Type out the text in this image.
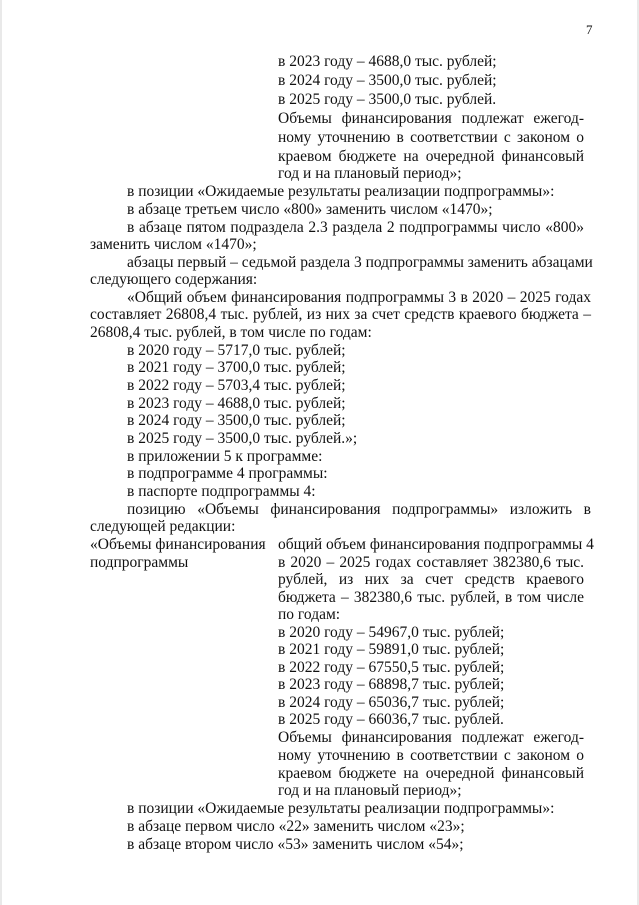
7
в 2023 году – 4688,0 тыс. рублей;
в 2024 году – 3500,0 тыс. рублей;
в 2025 году – 3500,0 тыс. рублей.
Объемы финансирования подлежат ежегод-
ному уточнению в соответствии с законом о
краевом бюджете на очередной финансовый
год и на плановый период»;
в позиции «Ожидаемые результаты реализации подпрограммы»:
в абзаце третьем число «800» заменить числом «1470»;
в абзаце пятом подраздела 2.3 раздела 2 подпрограммы число «800»
заменить числом «1470»;
абзацы первый – седьмой раздела 3 подпрограммы заменить абзацами
следующего содержания:
«Общий объем финансирования подпрограммы 3 в 2020 – 2025 годах
составляет 26808,4 тыс. рублей, из них за счет средств краевого бюджета –
26808,4 тыс. рублей, в том числе по годам:
в 2020 году – 5717,0 тыс. рублей;
в 2021 году – 3700,0 тыс. рублей;
в 2022 году – 5703,4 тыс. рублей;
в 2023 году – 4688,0 тыс. рублей;
в 2024 году – 3500,0 тыс. рублей;
в 2025 году – 3500,0 тыс. рублей.»;
в приложении 5 к программе:
в подпрограмме 4 программы:
в паспорте подпрограммы 4:
позицию «Объемы финансирования подпрограммы» изложить в
следующей редакции:
«Объемы финансирования
подпрограммы
общий объем финансирования подпрограммы 4
в 2020 – 2025 годах составляет 382380,6 тыс.
рублей, из них за счет средств краевого
бюджета – 382380,6 тыс. рублей, в том числе
по годам:
в 2020 году – 54967,0 тыс. рублей;
в 2021 году – 59891,0 тыс. рублей;
в 2022 году – 67550,5 тыс. рублей;
в 2023 году – 68898,7 тыс. рублей;
в 2024 году – 65036,7 тыс. рублей;
в 2025 году – 66036,7 тыс. рублей.
Объемы финансирования подлежат ежегод-
ному уточнению в соответствии с законом о
краевом бюджете на очередной финансовый
год и на плановый период»;
в позиции «Ожидаемые результаты реализации подпрограммы»:
в абзаце первом число «22» заменить числом «23»;
в абзаце втором число «53» заменить числом «54»;
